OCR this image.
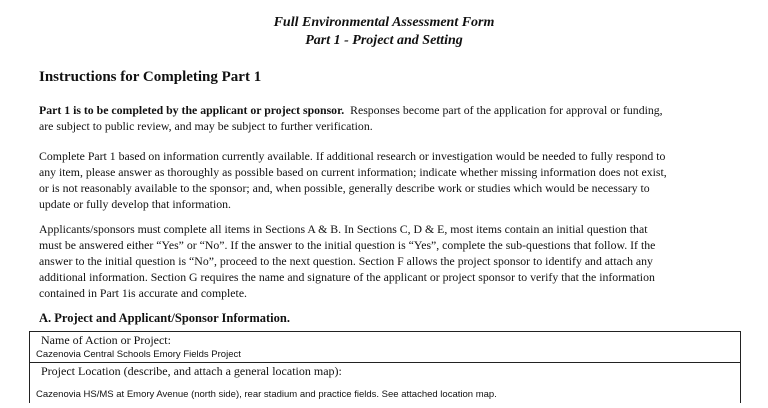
Full Environmental Assessment Form
Part 1 - Project and Setting
Instructions for Completing Part 1
Part 1 is to be completed by the applicant or project sponsor.  Responses become part of the application for approval or funding,
are subject to public review, and may be subject to further verification.
Complete Part 1 based on information currently available. If additional research or investigation would be needed to fully respond to
any item, please answer as thoroughly as possible based on current information; indicate whether missing information does not exist,
or is not reasonably available to the sponsor; and, when possible, generally describe work or studies which would be necessary to
update or fully develop that information.
Applicants/sponsors must complete all items in Sections A & B. In Sections C, D & E, most items contain an initial question that
must be answered either “Yes” or “No”. If the answer to the initial question is “Yes”, complete the sub-questions that follow. If the
answer to the initial question is “No”, proceed to the next question. Section F allows the project sponsor to identify and attach any
additional information. Section G requires the name and signature of the applicant or project sponsor to verify that the information
contained in Part 1is accurate and complete.
A. Project and Applicant/Sponsor Information.
Name of Action or Project:
Cazenovia Central Schools Emory Fields Project
Project Location (describe, and attach a general location map):
Cazenovia HS/MS at Emory Avenue (north side), rear stadium and practice fields. See attached location map.
